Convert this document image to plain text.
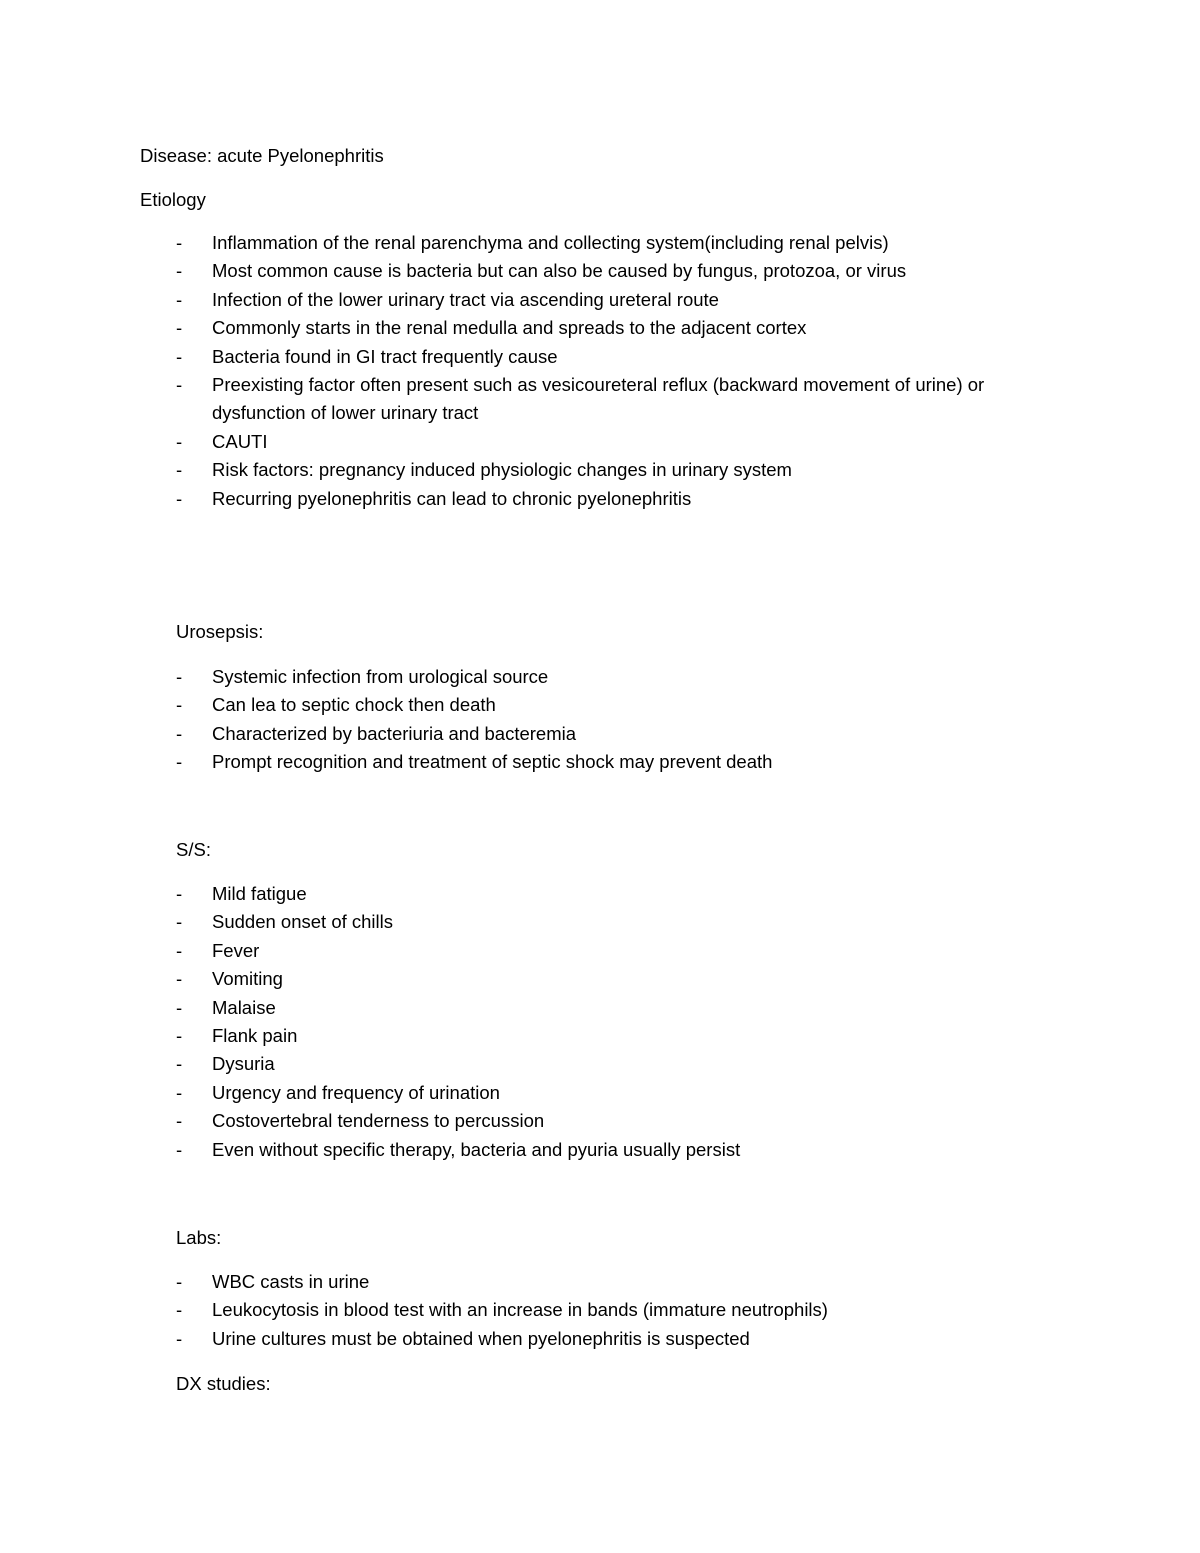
Disease: acute Pyelonephritis
Etiology
- Inflammation of the renal parenchyma and collecting system(including renal pelvis)
- Most common cause is bacteria but can also be caused by fungus, protozoa, or virus
- Infection of the lower urinary tract via ascending ureteral route
- Commonly starts in the renal medulla and spreads to the adjacent cortex
- Bacteria found in GI tract frequently cause
- Preexisting factor often present such as vesicoureteral reflux (backward movement of urine) or
dysfunction of lower urinary tract
- CAUTI
- Risk factors: pregnancy induced physiologic changes in urinary system
- Recurring pyelonephritis can lead to chronic pyelonephritis
Urosepsis:
- Systemic infection from urological source
- Can lea to septic chock then death
- Characterized by bacteriuria and bacteremia
- Prompt recognition and treatment of septic shock may prevent death
S/S:
- Mild fatigue
- Sudden onset of chills
- Fever
- Vomiting
- Malaise
- Flank pain
- Dysuria
- Urgency and frequency of urination
- Costovertebral tenderness to percussion
- Even without specific therapy, bacteria and pyuria usually persist
Labs:
- WBC casts in urine
- Leukocytosis in blood test with an increase in bands (immature neutrophils)
- Urine cultures must be obtained when pyelonephritis is suspected
DX studies:
